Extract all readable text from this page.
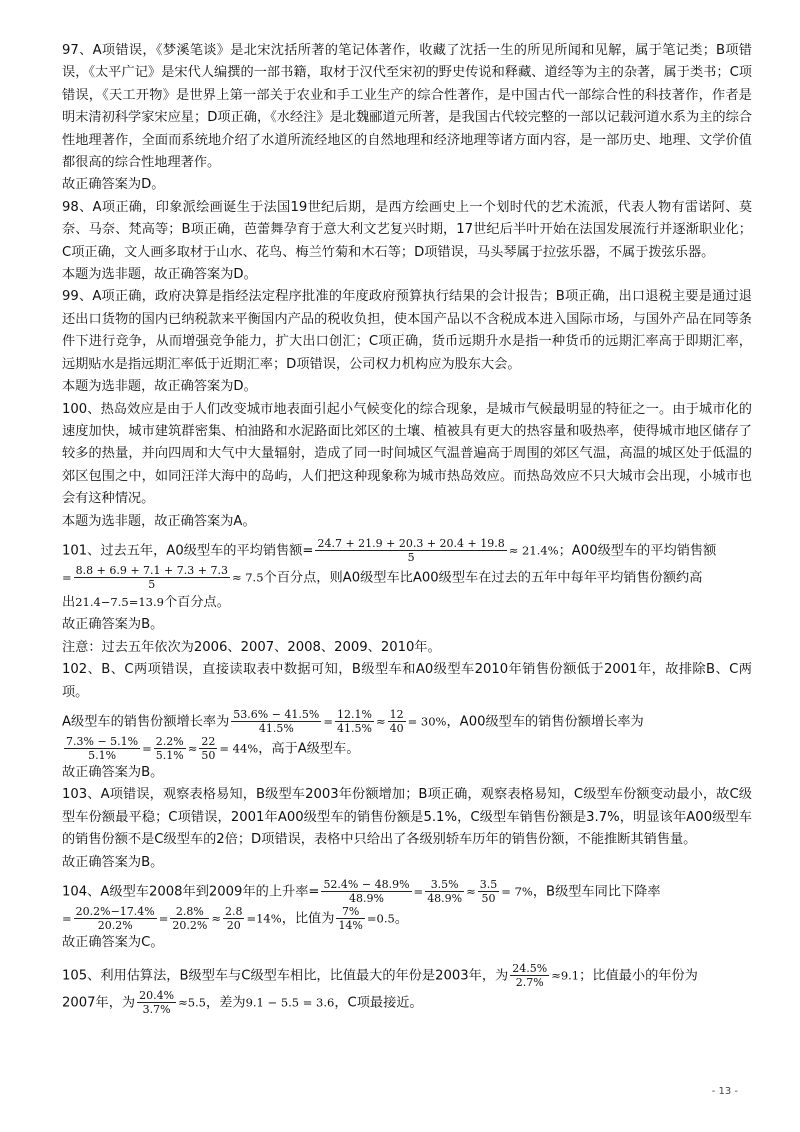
97、A项错误，《梦溪笔谈》是北宋沈括所著的笔记体著作，收藏了沈括一生的所见所闻和见解，属于笔记类；B项错误，《太平广记》是宋代人编撰的一部书籍，取材于汉代至宋初的野史传说和释藏、道经等为主的杂著，属于类书；C项错误，《天工开物》是世界上第一部关于农业和手工业生产的综合性著作，是中国古代一部综合性的科技著作，作者是明末清初科学家宋应星；D项正确，《水经注》是北魏郦道元所著，是我国古代较完整的一部以记载河道水系为主的综合性地理著作，全面而系统地介绍了水道所流经地区的自然地理和经济地理等诸方面内容，是一部历史、地理、文学价值都很高的综合性地理著作。

故正确答案为D。

98、A项正确，印象派绘画诞生于法国19世纪后期，是西方绘画史上一个划时代的艺术流派，代表人物有雷诺阿、莫奈、马奈、梵高等；B项正确，芭蕾舞孕育于意大利文艺复兴时期，17世纪后半叶开始在法国发展流行并逐渐职业化；C项正确，文人画多取材于山水、花鸟、梅兰竹菊和木石等；D项错误，马头琴属于拉弦乐器，不属于拨弦乐器。

本题为选非题，故正确答案为D。

99、A项正确，政府决算是指经法定程序批准的年度政府预算执行结果的会计报告；B项正确，出口退税主要是通过退还出口货物的国内已纳税款来平衡国内产品的税收负担，使本国产品以不含税成本进入国际市场，与国外产品在同等条件下进行竞争，从而增强竞争能力，扩大出口创汇；C项正确，货币远期升水是指一种货币的远期汇率高于即期汇率，远期贴水是指远期汇率低于近期汇率；D项错误，公司权力机构应为股东大会。

本题为选非题，故正确答案为D。

100、热岛效应是由于人们改变城市地表面引起小气候变化的综合现象，是城市气候最明显的特征之一。由于城市化的速度加快，城市建筑群密集、柏油路和水泥路面比郊区的土壤、植被具有更大的热容量和吸热率，使得城市地区储存了较多的热量，并向四周和大气中大量辐射，造成了同一时间城区气温普遍高于周围的郊区气温，高温的城区处于低温的郊区包围之中，如同汪洋大海中的岛屿，人们把这种现象称为城市热岛效应。而热岛效应不只大城市会出现，小城市也会有这种情况。

本题为选非题，故正确答案为A。

101、过去五年，A0级型车的平均销售额= $\frac{24.7 + 21.9 + 20.3 + 20.4 + 19.8}{5} \approx 21.4\%$；A00级型车的平均销售额

= $\frac{8.8 + 6.9 + 7.1 + 7.3 + 7.3}{5} \approx 7.5$个百分点，则A0级型车比A00级型车在过去的五年中每年平均销售份额约高

出21.4−7.5=13.9个百分点。

故正确答案为B。

注意：过去五年依次为2006、2007、2008、2009、2010年。

102、B、C两项错误，直接读取表中数据可知，B级型车和A0级型车2010年销售份额低于2001年，故排除B、C两项。

A级型车的销售份额增长率为 $\frac{53.6\% - 41.5\%}{41.5\%} = \frac{12.1\%}{41.5\%} \approx \frac{12}{40} = 30\%$，A00级型车的销售份额增长率为

$\frac{7.3\% - 5.1\%}{5.1\%} = \frac{2.2\%}{5.1\%} \approx \frac{22}{50} = 44\%$，高于A级型车。

故正确答案为B。

103、A项错误，观察表格易知，B级型车2003年份额增加；B项正确，观察表格易知，C级型车份额变动最小，故C级型车份额最平稳；C项错误，2001年A00级型车的销售份额是5.1%，C级型车销售份额是3.7%，明显该年A00级型车的销售份额不是C级型车的2倍；D项错误，表格中只给出了各级别轿车历年的销售份额，不能推断其销售量。

故正确答案为B。

104、A级型车2008年到2009年的上升率= $\frac{52.4\% - 48.9\%}{48.9\%} = \frac{3.5\%}{48.9\%} \approx \frac{3.5}{50} = 7\%$，B级型车同比下降率

= $\frac{20.2\%-17.4\%}{20.2\%} = \frac{2.8\%}{20.2\%} \approx \frac{2.8}{20} =14\%$，比值为 $\frac{7\%}{14\%} =0.5$。

故正确答案为C。

105、利用估算法，B级型车与C级型车相比，比值最大的年份是2003年，为 $\frac{24.5\%}{2.7\%} \approx 9.1$；比值最小的年份为

2007年，为 $\frac{20.4\%}{3.7\%} \approx 5.5$，差为9.1 − 5.5 = 3.6，C项最接近。

- 13 -
